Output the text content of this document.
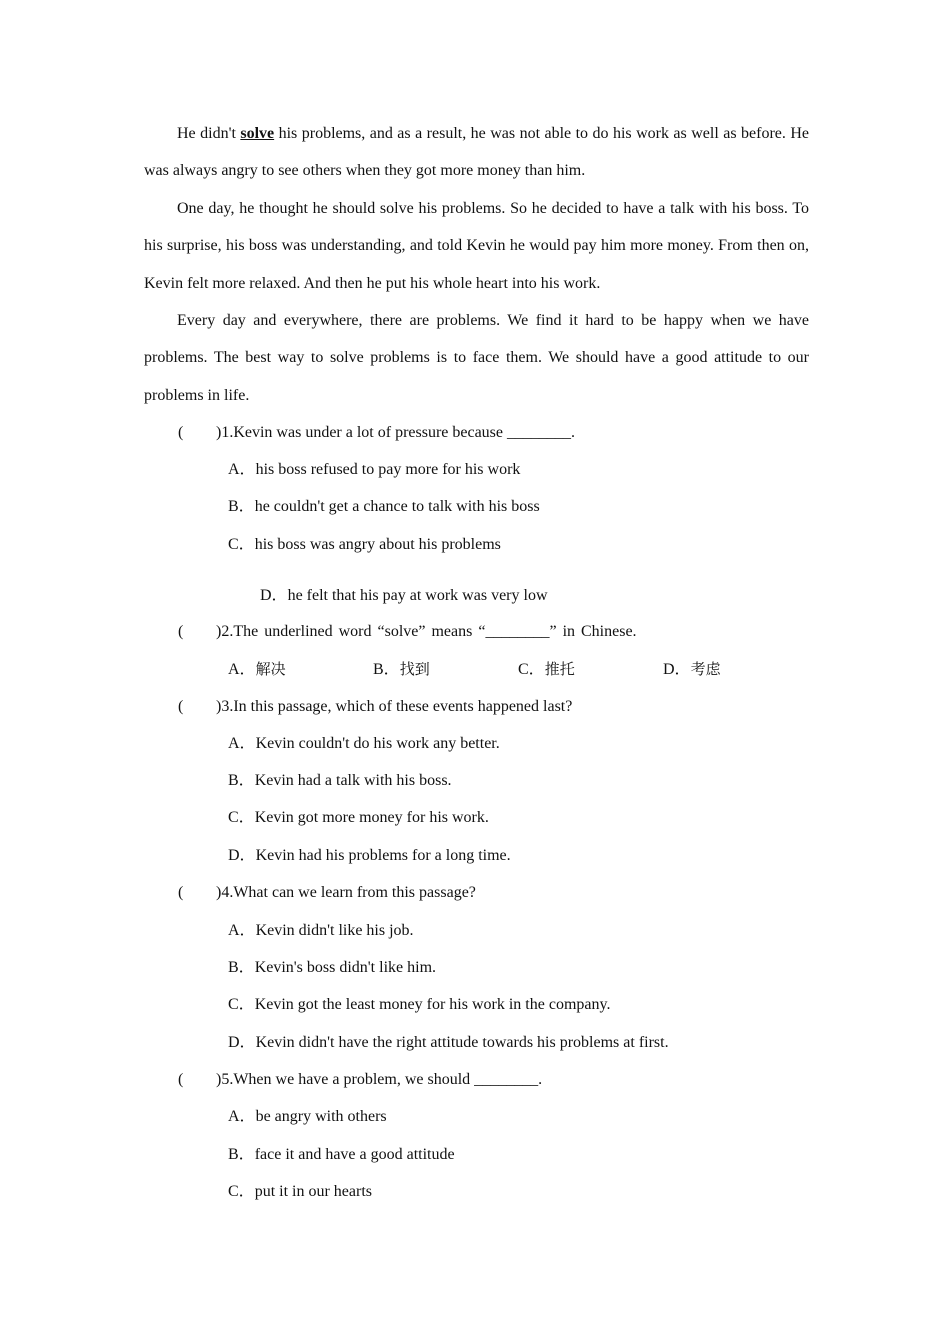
He didn't solve his problems, and as a result, he was not able to do his work as well as before. He was always angry to see others when they got more money than him.

One day, he thought he should solve his problems. So he decided to have a talk with his boss. To his surprise, his boss was understanding, and told Kevin he would pay him more money. From then on, Kevin felt more relaxed. And then he put his whole heart into his work.

Every day and everywhere, there are problems. We find it hard to be happy when we have problems. The best way to solve problems is to face them. We should have a good attitude to our problems in life.

( )1.Kevin was under a lot of pressure because ________.
A．his boss refused to pay more for his work
B．he couldn't get a chance to talk with his boss
C．his boss was angry about his problems
D．he felt that his pay at work was very low
( )2.The underlined word “solve” means “________” in Chinese.
A．解决	B．找到	C．推托	D．考虑
( )3.In this passage, which of these events happened last?
A．Kevin couldn't do his work any better.
B．Kevin had a talk with his boss.
C．Kevin got more money for his work.
D．Kevin had his problems for a long time.
( )4.What can we learn from this passage?
A．Kevin didn't like his job.
B．Kevin's boss didn't like him.
C．Kevin got the least money for his work in the company.
D．Kevin didn't have the right attitude towards his problems at first.
( )5.When we have a problem, we should ________.
A．be angry with others
B．face it and have a good attitude
C．put it in our hearts
